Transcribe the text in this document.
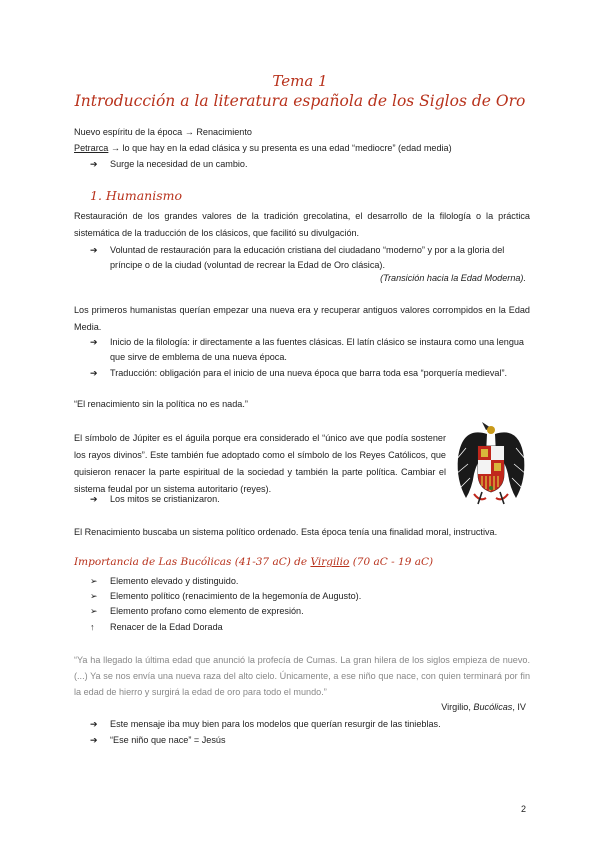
Tema 1
Introducción a la literatura española de los Siglos de Oro
Nuevo espíritu de la época → Renacimiento
Petrarca → lo que hay en la edad clásica y su presenta es una edad “mediocre” (edad media)
➔ Surge la necesidad de un cambio.
1. Humanismo
Restauración de los grandes valores de la tradición grecolatina, el desarrollo de la filología o la práctica sistemática de la traducción de los clásicos, que facilitó su divulgación.
➔ Voluntad de restauración para la educación cristiana del ciudadano “moderno” y por a la gloria del
príncipe o de la ciudad (voluntad de recrear la Edad de Oro clásica).
(Transición hacia la Edad Moderna).
Los primeros humanistas querían empezar una nueva era y recuperar antiguos valores corrompidos en la Edad Media.
➔ Inicio de la filología: ir directamente a las fuentes clásicas. El latín clásico se instaura como una lengua
que sirve de emblema de una nueva época.
➔ Traducción: obligación para el inicio de una nueva época que barra toda esa “porquería medieval”.
“El renacimiento sin la política no es nada.”
El símbolo de Júpiter es el águila porque era considerado el “único ave que podía sostener los rayos divinos”. Este también fue adoptado como el símbolo de los Reyes Católicos, que quisieron renacer la parte espiritual de la sociedad y también la parte política. Cambiar el sistema feudal por un sistema autoritario (reyes).
➔ Los mitos se cristianizaron.
El Renacimiento buscaba un sistema político ordenado. Esta época tenía una finalidad moral, instructiva.
Importancia de Las Bucólicas (41-37 aC) de Virgilio (70 aC - 19 aC)
➢ Elemento elevado y distinguido.
➢ Elemento político (renacimiento de la hegemonía de Augusto).
➢ Elemento profano como elemento de expresión.
↑ Renacer de la Edad Dorada
“Ya ha llegado la última edad que anunció la profecía de Cumas. La gran hilera de los siglos empieza de nuevo. (...) Ya se nos envía una nueva raza del alto cielo. Únicamente, a ese niño que nace, con quien terminará por fin la edad de hierro y surgirá la edad de oro para todo el mundo.”
Virgilio, Bucólicas, IV
➔ Este mensaje iba muy bien para los modelos que querían resurgir de las tinieblas.
➔ “Ese niño que nace” = Jesús
2
